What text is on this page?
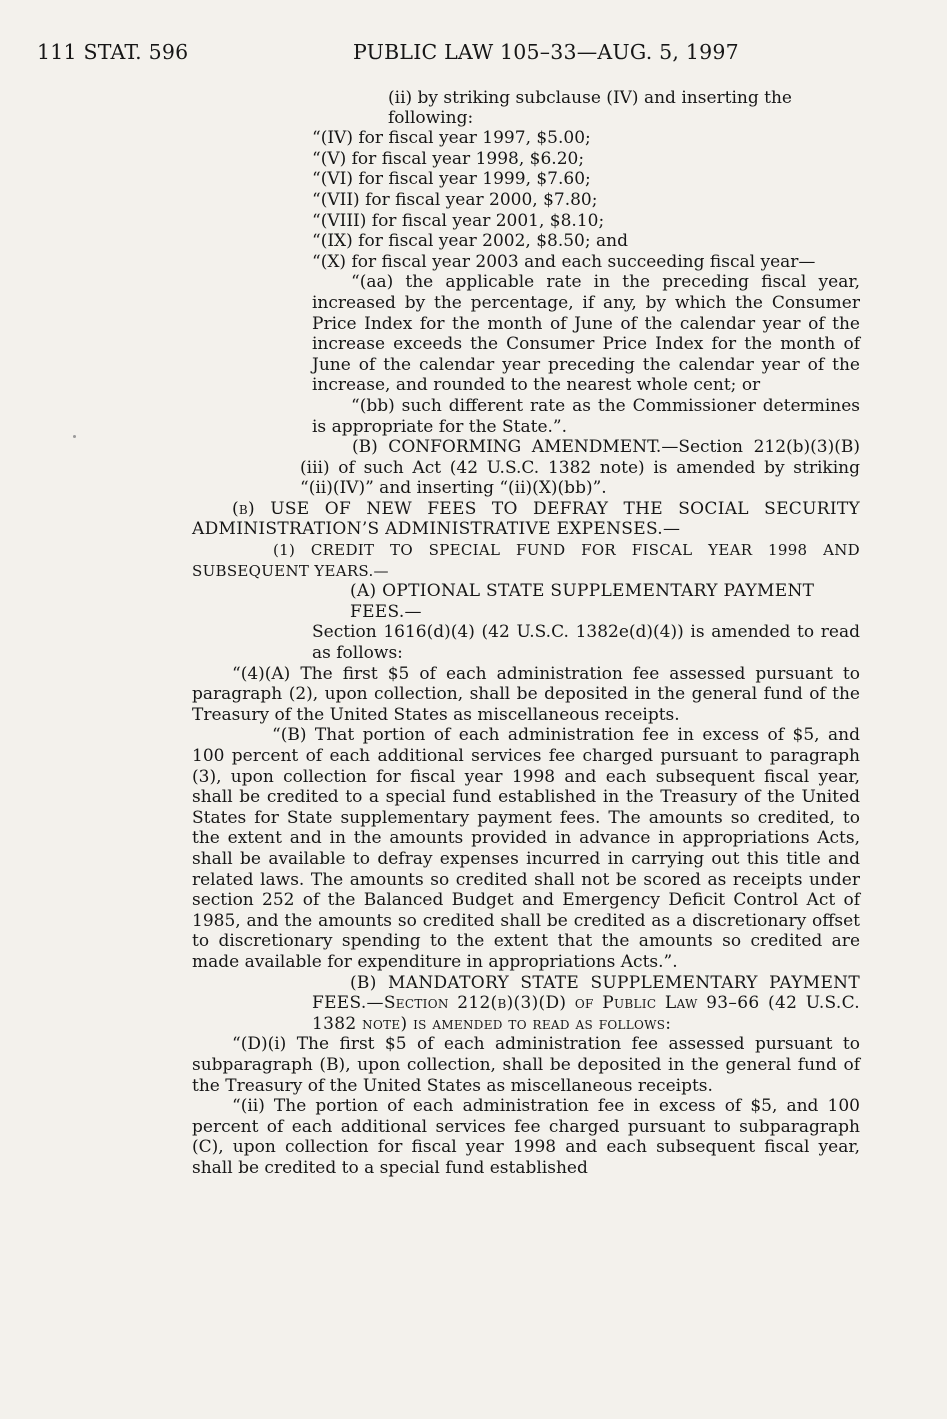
111 STAT. 596	PUBLIC LAW 105–33—AUG. 5, 1997

(ii) by striking subclause (IV) and inserting the

following:

“(IV) for fiscal year 1997, $5.00;

“(V) for fiscal year 1998, $6.20;

“(VI) for fiscal year 1999, $7.60;

“(VII) for fiscal year 2000, $7.80;

“(VIII) for fiscal year 2001, $8.10;

“(IX) for fiscal year 2002, $8.50; and

“(X) for fiscal year 2003 and each succeeding fiscal year—

“(aa) the applicable rate in the preceding fiscal year, increased by the percentage, if any, by which the Consumer Price Index for the month of June of the calendar year of the increase exceeds the Consumer Price Index for the month of June of the calendar year preceding the calendar year of the increase, and rounded to the nearest whole cent; or

“(bb) such different rate as the Commissioner determines is appropriate for the State.”.

(B) CONFORMING AMENDMENT.—Section 212(b)(3)(B)(iii) of such Act (42 U.S.C. 1382 note) is amended by striking “(ii)(IV)” and inserting “(ii)(X)(bb)”.

(b) USE OF NEW FEES TO DEFRAY THE SOCIAL SECURITY ADMINISTRATION’S ADMINISTRATIVE EXPENSES.—

(1) CREDIT TO SPECIAL FUND FOR FISCAL YEAR 1998 AND SUBSEQUENT YEARS.—

(A) OPTIONAL STATE SUPPLEMENTARY PAYMENT FEES.—

Section 1616(d)(4) (42 U.S.C. 1382e(d)(4)) is amended to read as follows:

“(4)(A) The first $5 of each administration fee assessed pursuant to paragraph (2), upon collection, shall be deposited in the general fund of the Treasury of the United States as miscellaneous receipts.

“(B) That portion of each administration fee in excess of $5, and 100 percent of each additional services fee charged pursuant to paragraph (3), upon collection for fiscal year 1998 and each subsequent fiscal year, shall be credited to a special fund established in the Treasury of the United States for State supplementary payment fees. The amounts so credited, to the extent and in the amounts provided in advance in appropriations Acts, shall be available to defray expenses incurred in carrying out this title and related laws. The amounts so credited shall not be scored as receipts under section 252 of the Balanced Budget and Emergency Deficit Control Act of 1985, and the amounts so credited shall be credited as a discretionary offset to discretionary spending to the extent that the amounts so credited are made available for expenditure in appropriations Acts.”.

(B) MANDATORY STATE SUPPLEMENTARY PAYMENT FEES.—Section 212(b)(3)(D) of Public Law 93–66 (42 U.S.C. 1382 note) is amended to read as follows:

“(D)(i) The first $5 of each administration fee assessed pursuant to subparagraph (B), upon collection, shall be deposited in the general fund of the Treasury of the United States as miscellaneous receipts.

“(ii) The portion of each administration fee in excess of $5, and 100 percent of each additional services fee charged pursuant to subparagraph (C), upon collection for fiscal year 1998 and each subsequent fiscal year, shall be credited to a special fund established
